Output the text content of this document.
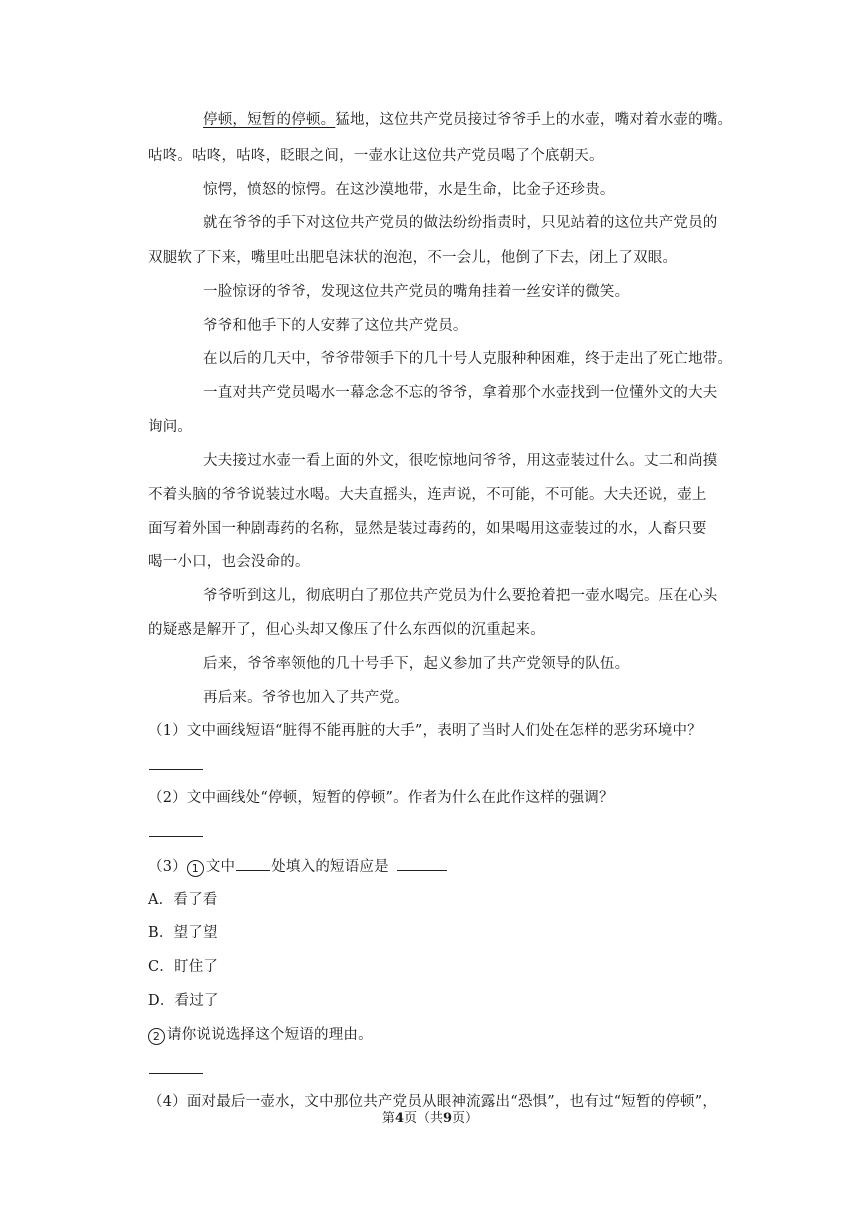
停顿，短暂的停顿。猛地，这位共产党员接过爷爷手上的水壶，嘴对着水壶的嘴。
咕咚。咕咚，咕咚，眨眼之间，一壶水让这位共产党员喝了个底朝天。
惊愕，愤怒的惊愕。在这沙漠地带，水是生命，比金子还珍贵。
就在爷爷的手下对这位共产党员的做法纷纷指责时，只见站着的这位共产党员的
双腿软了下来，嘴里吐出肥皂沫状的泡泡，不一会儿，他倒了下去，闭上了双眼。
一脸惊讶的爷爷，发现这位共产党员的嘴角挂着一丝安详的微笑。
爷爷和他手下的人安葬了这位共产党员。
在以后的几天中，爷爷带领手下的几十号人克服种种困难，终于走出了死亡地带。
一直对共产党员喝水一幕念念不忘的爷爷，拿着那个水壶找到一位懂外文的大夫
询问。
大夫接过水壶一看上面的外文，很吃惊地问爷爷，用这壶装过什么。丈二和尚摸
不着头脑的爷爷说装过水喝。大夫直摇头，连声说，不可能，不可能。大夫还说，壶上
面写着外国一种剧毒药的名称，显然是装过毒药的，如果喝用这壶装过的水，人畜只要
喝一小口，也会没命的。
爷爷听到这儿，彻底明白了那位共产党员为什么要抢着把一壶水喝完。压在心头
的疑惑是解开了，但心头却又像压了什么东西似的沉重起来。
后来，爷爷率领他的几十号手下，起义参加了共产党领导的队伍。
再后来。爷爷也加入了共产党。
（1）文中画线短语“脏得不能再脏的大手”，表明了当时人们处在怎样的恶劣环境中？
（2）文中画线处“停顿，短暂的停顿”。作者为什么在此作这样的强调？
（3） 1 文中 处填入的短语应是
A．看了看
B．望了望
C．盯住了
D．看过了
2 请你说说选择这个短语的理由。
（4）面对最后一壶水，文中那位共产党员从眼神流露出“恐惧”，也有过“短暂的停顿”，
第4页（共9页）
